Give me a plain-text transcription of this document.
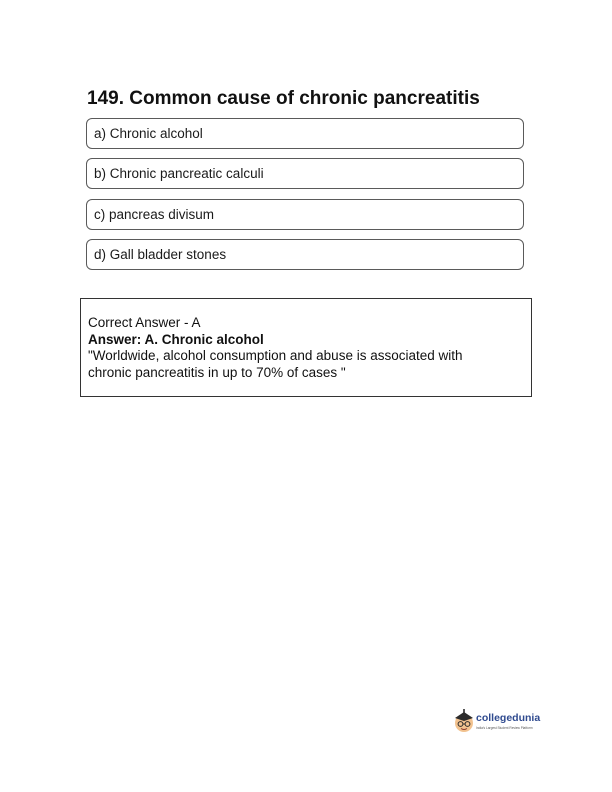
149. Common cause of chronic pancreatitis
a) Chronic alcohol
b) Chronic pancreatic calculi
c) pancreas divisum
d) Gall bladder stones
Correct Answer - A
Answer: A. Chronic alcohol
"Worldwide, alcohol consumption and abuse is associated with
chronic pancreatitis in up to 70% of cases "
collegedunia
India's Largest Student Review Platform
